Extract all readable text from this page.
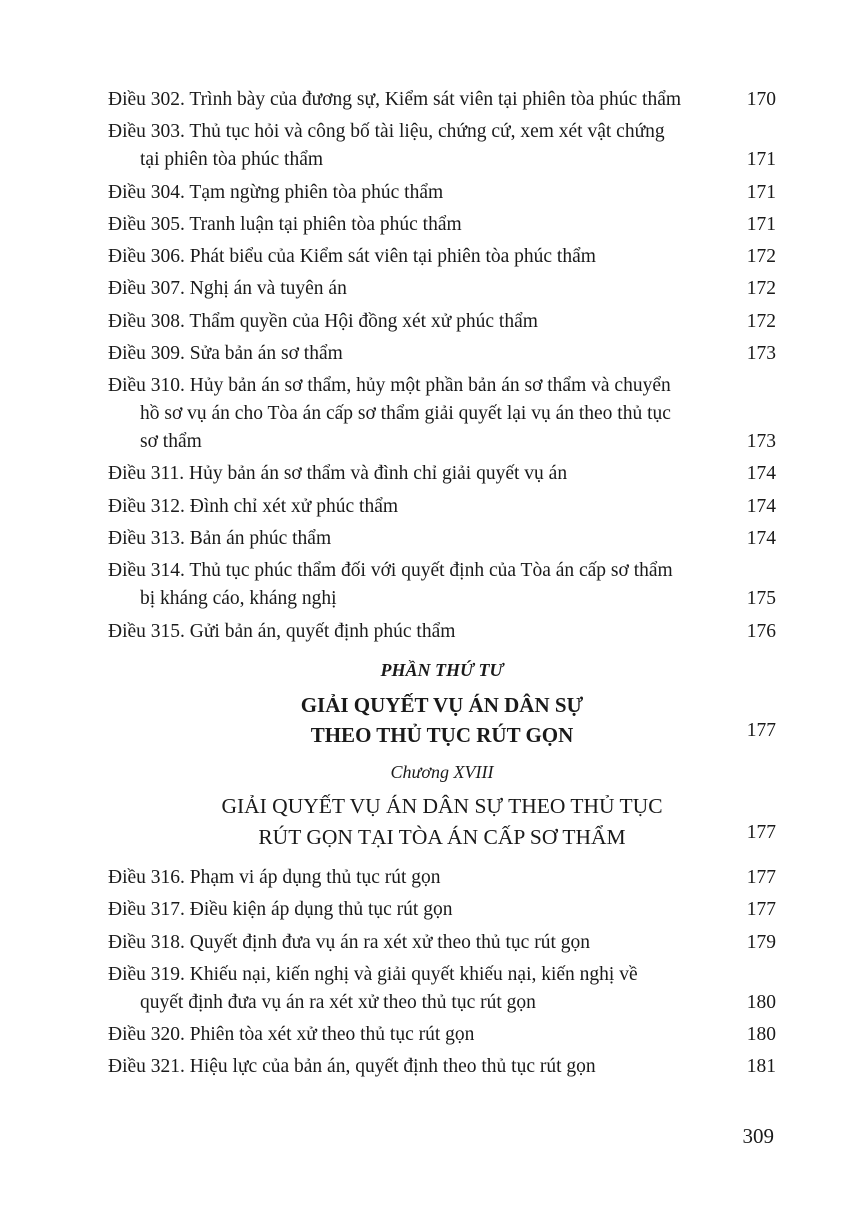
Điều 302. Trình bày của đương sự, Kiểm sát viên tại phiên tòa phúc thẩm	170
Điều 303. Thủ tục hỏi và công bố tài liệu, chứng cứ, xem xét vật chứng
tại phiên tòa phúc thẩm	171
Điều 304. Tạm ngừng phiên tòa phúc thẩm	171
Điều 305. Tranh luận tại phiên tòa phúc thẩm	171
Điều 306. Phát biểu của Kiểm sát viên tại phiên tòa phúc thẩm	172
Điều 307. Nghị án và tuyên án	172
Điều 308. Thẩm quyền của Hội đồng xét xử phúc thẩm	172
Điều 309. Sửa bản án sơ thẩm	173
Điều 310. Hủy bản án sơ thẩm, hủy một phần bản án sơ thẩm và chuyển
hồ sơ vụ án cho Tòa án cấp sơ thẩm giải quyết lại vụ án theo thủ tục
sơ thẩm	173
Điều 311. Hủy bản án sơ thẩm và đình chỉ giải quyết vụ án	174
Điều 312. Đình chỉ xét xử phúc thẩm	174
Điều 313. Bản án phúc thẩm	174
Điều 314. Thủ tục phúc thẩm đối với quyết định của Tòa án cấp sơ thẩm
bị kháng cáo, kháng nghị	175
Điều 315. Gửi bản án, quyết định phúc thẩm	176
PHẦN THỨ TƯ
GIẢI QUYẾT VỤ ÁN DÂN SỰ
THEO THỦ TỤC RÚT GỌN	177
Chương XVIII
GIẢI QUYẾT VỤ ÁN DÂN SỰ THEO THỦ TỤC
RÚT GỌN TẠI TÒA ÁN CẤP SƠ THẨM	177
Điều 316. Phạm vi áp dụng thủ tục rút gọn	177
Điều 317. Điều kiện áp dụng thủ tục rút gọn	177
Điều 318. Quyết định đưa vụ án ra xét xử theo thủ tục rút gọn	179
Điều 319. Khiếu nại, kiến nghị và giải quyết khiếu nại, kiến nghị về
quyết định đưa vụ án ra xét xử theo thủ tục rút gọn	180
Điều 320. Phiên tòa xét xử theo thủ tục rút gọn	180
Điều 321. Hiệu lực của bản án, quyết định theo thủ tục rút gọn	181
309
